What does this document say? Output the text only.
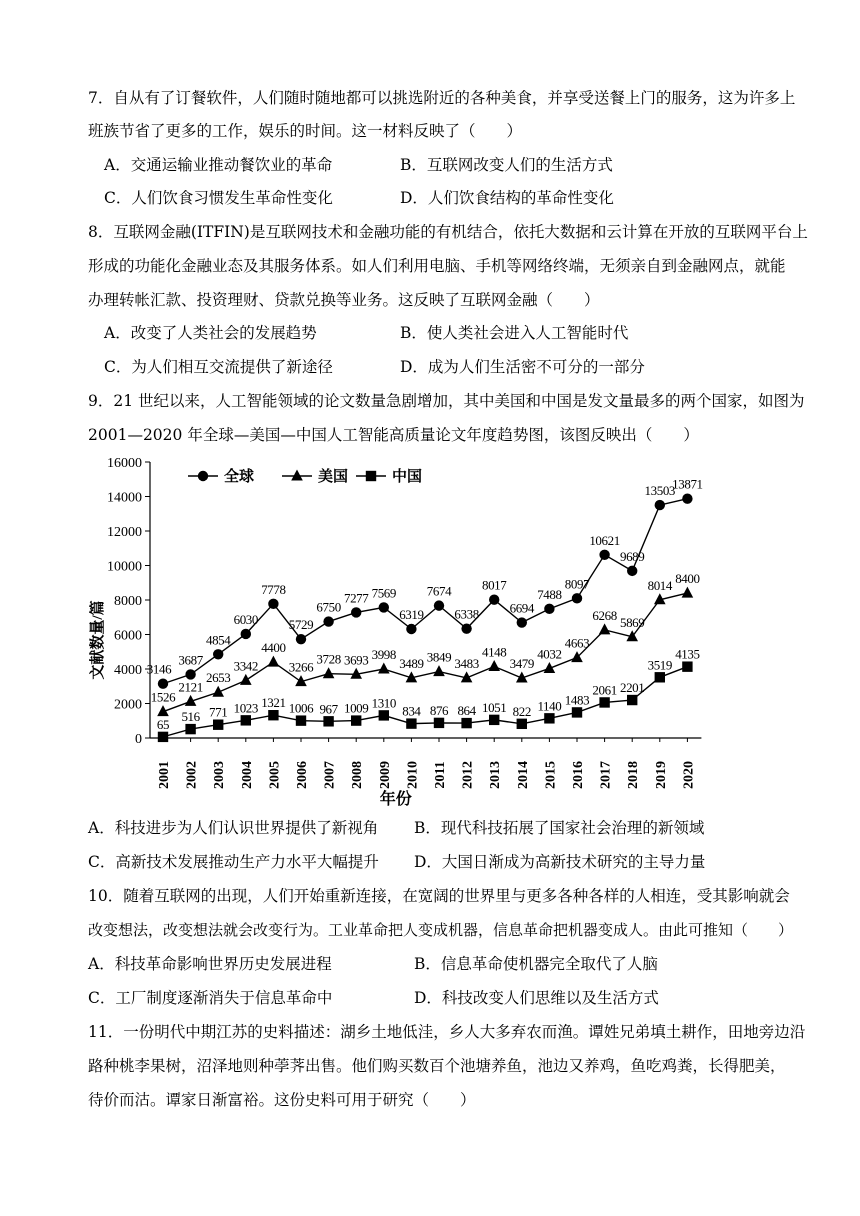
7．自从有了订餐软件，人们随时随地都可以挑选附近的各种美食，并享受送餐上门的服务，这为许多上
班族节省了更多的工作，娱乐的时间。这一材料反映了（　　）
A．交通运输业推动餐饮业的革命	B．互联网改变人们的生活方式
C．人们饮食习惯发生革命性变化	D．人们饮食结构的革命性变化
8．互联网金融(ITFIN)是互联网技术和金融功能的有机结合，依托大数据和云计算在开放的互联网平台上
形成的功能化金融业态及其服务体系。如人们利用电脑、手机等网络终端，无须亲自到金融网点，就能
办理转帐汇款、投资理财、贷款兑换等业务。这反映了互联网金融（　　）
A．改变了人类社会的发展趋势	B．使人类社会进入人工智能时代
C．为人们相互交流提供了新途径	D．成为人们生活密不可分的一部分
9．21 世纪以来，人工智能领域的论文数量急剧增加，其中美国和中国是发文量最多的两个国家，如图为
2001—2020 年全球—美国—中国人工智能高质量论文年度趋势图，该图反映出（　　）
0
2000
4000
6000
8000
10000
12000
14000
16000
2001 2002 2003 2004 2005 2006 2007 2008 2009 2010 2011 2012 2013 2014 2015 2016 2017 2018 2019 2020
年份
文献数量/篇	3146
3687
4854
6030
7778
5729
6750
7277 7569
6319
7674
6338
8017
6694
7488
8097
10621
9689
13503
13871
1526
2121
2653
3342
4400
3266
3728 3693 3998
3489 3849 3483
4148
3479
4032
4663
6268 5869
8014 8400
65
516 771 1023 1321 1006 967 1009 1310
834 876 864 1051 822 1140 1483
2061 2201
3519
4135
全球	美国	中国
A．科技进步为人们认识世界提供了新视角 B．现代科技拓展了国家社会治理的新领域
C．高新技术发展推动生产力水平大幅提升 D．大国日渐成为高新技术研究的主导力量
10．随着互联网的出现，人们开始重新连接，在宽阔的世界里与更多各种各样的人相连，受其影响就会
改变想法，改变想法就会改变行为。工业革命把人变成机器，信息革命把机器变成人。由此可推知（　　）
A．科技革命影响世界历史发展进程	B．信息革命使机器完全取代了人脑
C．工厂制度逐渐消失于信息革命中	D．科技改变人们思维以及生活方式
11．一份明代中期江苏的史料描述：湖乡土地低洼，乡人大多弃农而渔。谭姓兄弟填土耕作，田地旁边沿
路种桃李果树，沼泽地则种荸荠出售。他们购买数百个池塘养鱼，池边又养鸡，鱼吃鸡粪，长得肥美，
待价而沽。谭家日渐富裕。这份史料可用于研究（　　）
